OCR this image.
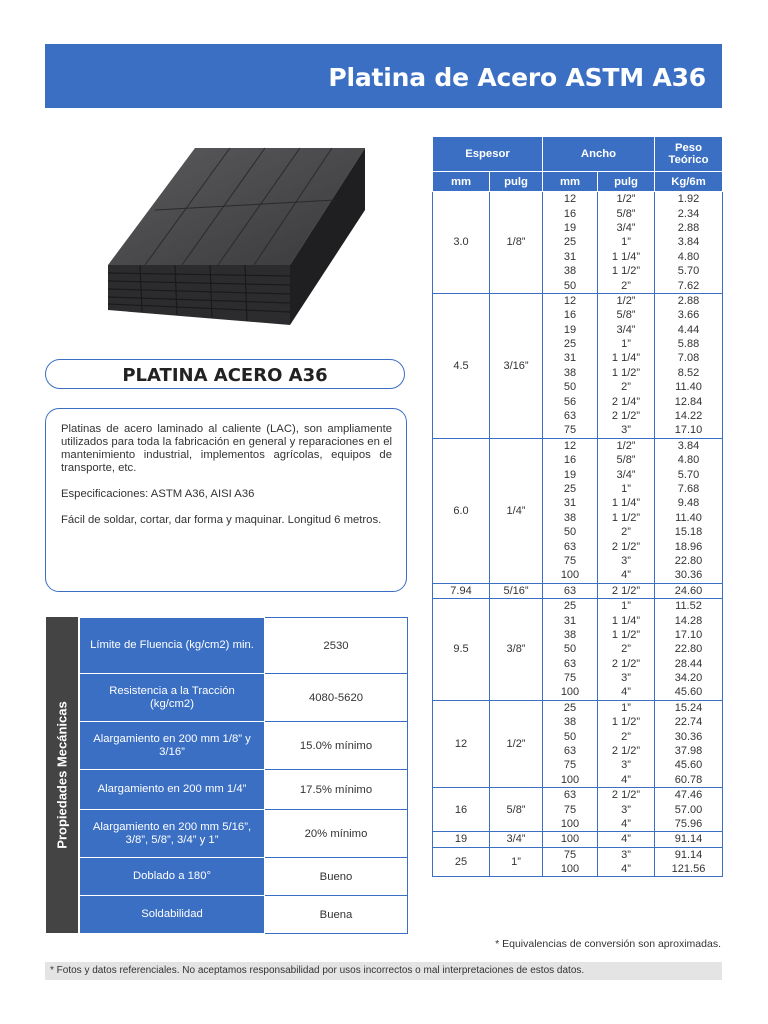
Platina de Acero ASTM A36
PLATINA ACERO A36

Platinas de acero laminado al caliente (LAC), son ampliamente utilizados para toda la fabricación en general y reparaciones en el mantenimiento industrial, implementos agrícolas, equipos de transporte, etc.

Especificaciones: ASTM A36, AISI A36

Fácil de soldar, cortar, dar forma y maquinar. Longitud 6 metros.

Propiedades Mecánicas
Límite de Fluencia (kg/cm2) min.	2530
Resistencia a la Tracción (kg/cm2)	4080-5620
Alargamiento en 200 mm 1/8” y 3/16”	15.0% mínimo
Alargamiento en 200 mm 1/4”	17.5% mínimo
Alargamiento en 200 mm 5/16”, 3/8”, 5/8”, 3/4” y 1”	20% mínimo
Doblado a 180°	Bueno
Soldabilidad	Buena
Espesor		Ancho		Peso Teórico
mm	pulg	mm	pulg	Kg/6m
3.0	1/8”	12	1/2”	1.92
		16	5/8”	2.34
		19	3/4”	2.88
		25	1”	3.84
		31	1 1/4”	4.80
		38	1 1/2”	5.70
		50	2”	7.62
4.5	3/16”	12	1/2”	2.88
		16	5/8”	3.66
		19	3/4”	4.44
		25	1”	5.88
		31	1 1/4”	7.08
		38	1 1/2”	8.52
		50	2”	11.40
		56	2 1/4”	12.84
		63	2 1/2”	14.22
		75	3”	17.10
6.0	1/4”	12	1/2”	3.84
		16	5/8”	4.80
		19	3/4”	5.70
		25	1”	7.68
		31	1 1/4”	9.48
		38	1 1/2”	11.40
		50	2”	15.18
		63	2 1/2”	18.96
		75	3”	22.80
		100	4”	30.36
7.94	5/16”	63	2 1/2”	24.60
9.5	3/8”	25	1”	11.52
		31	1 1/4”	14.28
		38	1 1/2”	17.10
		50	2”	22.80
		63	2 1/2”	28.44
		75	3”	34.20
		100	4”	45.60
12	1/2”	25	1”	15.24
		38	1 1/2”	22.74
		50	2”	30.36
		63	2 1/2”	37.98
		75	3”	45.60
		100	4”	60.78
16	5/8”	63	2 1/2”	47.46
		75	3”	57.00
		100	4”	75.96
19	3/4”	100	4”	91.14
25	1”	75	3”	91.14
		100	4”	121.56
* Equivalencias de conversión son aproximadas.
* Fotos y datos referenciales. No aceptamos responsabilidad por usos incorrectos o mal interpretaciones de estos datos.
